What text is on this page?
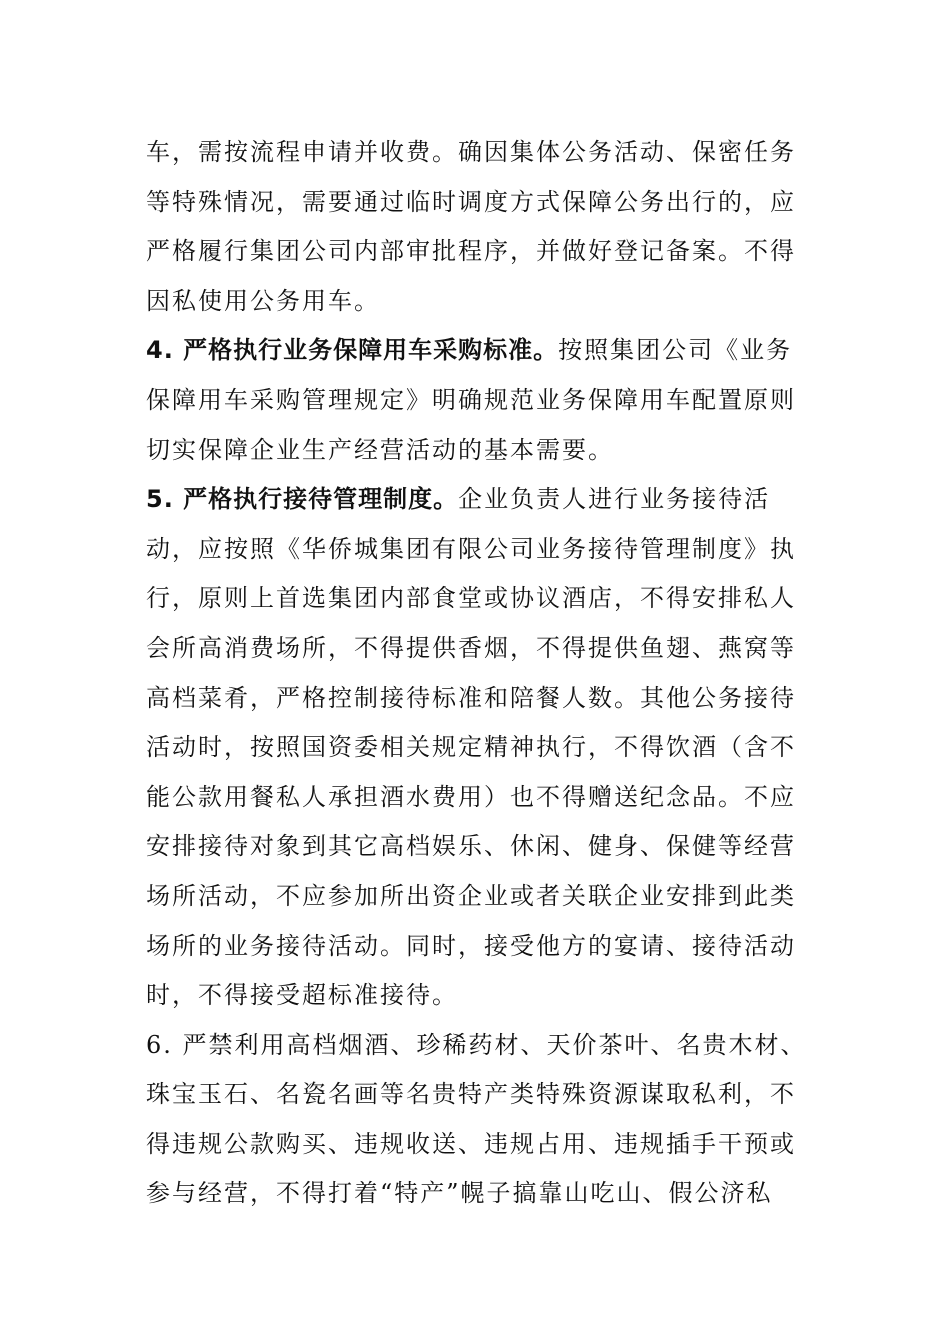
车，需按流程申请并收费。确因集体公务活动、保密任务等特殊情况，需要通过临时调度方式保障公务出行的，应严格履行集团公司内部审批程序，并做好登记备案。不得因私使用公务用车。

4. 严格执行业务保障用车采购标准。按照集团公司《业务保障用车采购管理规定》明确规范业务保障用车配置原则切实保障企业生产经营活动的基本需要。

5. 严格执行接待管理制度。企业负责人进行业务接待活动，应按照《华侨城集团有限公司业务接待管理制度》执行，原则上首选集团内部食堂或协议酒店，不得安排私人会所高消费场所，不得提供香烟，不得提供鱼翅、燕窝等高档菜肴，严格控制接待标准和陪餐人数。其他公务接待活动时，按照国资委相关规定精神执行，不得饮酒（含不能公款用餐私人承担酒水费用）也不得赠送纪念品。不应安排接待对象到其它高档娱乐、休闲、健身、保健等经营场所活动，不应参加所出资企业或者关联企业安排到此类场所的业务接待活动。同时，接受他方的宴请、接待活动时，不得接受超标准接待。

6. 严禁利用高档烟酒、珍稀药材、天价茶叶、名贵木材、珠宝玉石、名瓷名画等名贵特产类特殊资源谋取私利，不得违规公款购买、违规收送、违规占用、违规插手干预或参与经营，不得打着“特产”幌子搞靠山吃山、假公济私
